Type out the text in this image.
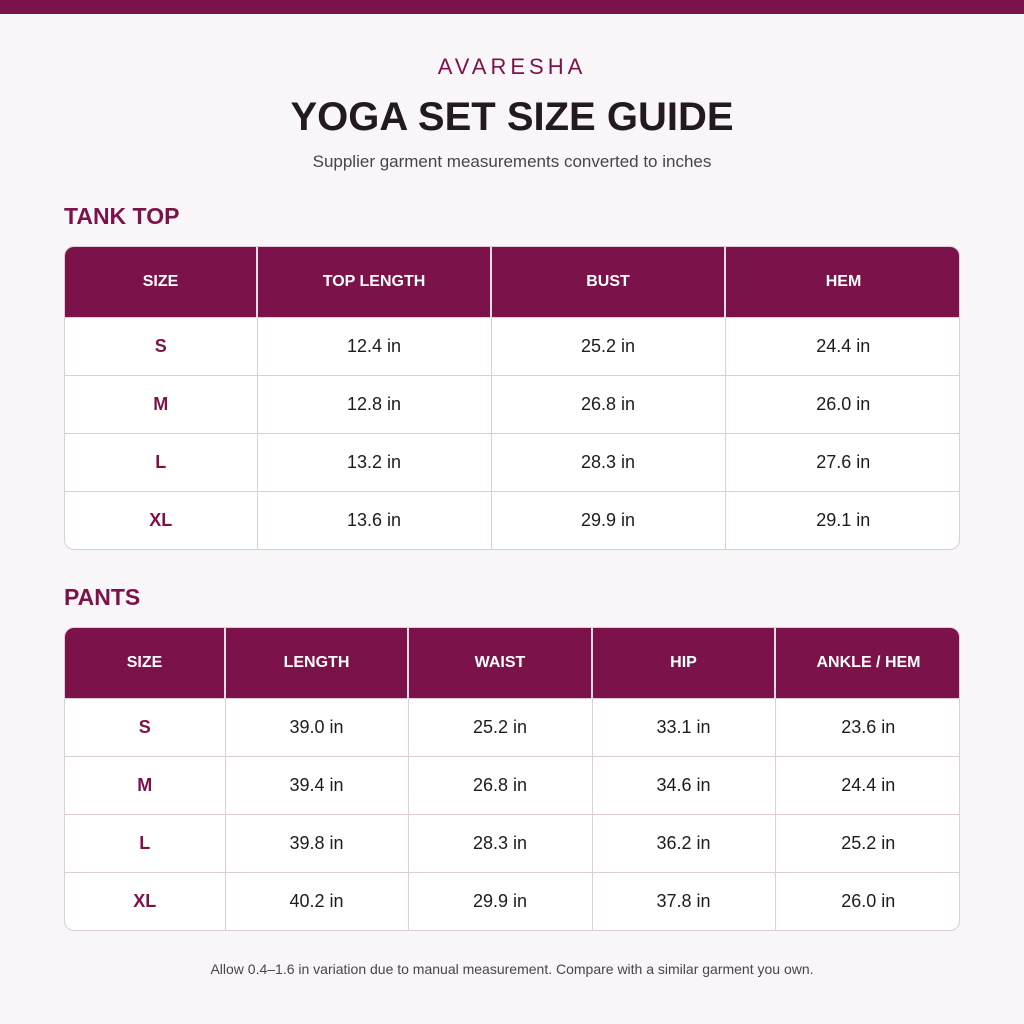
AVARESHA
YOGA SET SIZE GUIDE
Supplier garment measurements converted to inches
TANK TOP
SIZE	TOP LENGTH	BUST	HEM
S	12.4 in	25.2 in	24.4 in
M	12.8 in	26.8 in	26.0 in
L	13.2 in	28.3 in	27.6 in
XL	13.6 in	29.9 in	29.1 in
PANTS
SIZE	LENGTH	WAIST	HIP	ANKLE / HEM
S	39.0 in	25.2 in	33.1 in	23.6 in
M	39.4 in	26.8 in	34.6 in	24.4 in
L	39.8 in	28.3 in	36.2 in	25.2 in
XL	40.2 in	29.9 in	37.8 in	26.0 in
Allow 0.4–1.6 in variation due to manual measurement. Compare with a similar garment you own.
